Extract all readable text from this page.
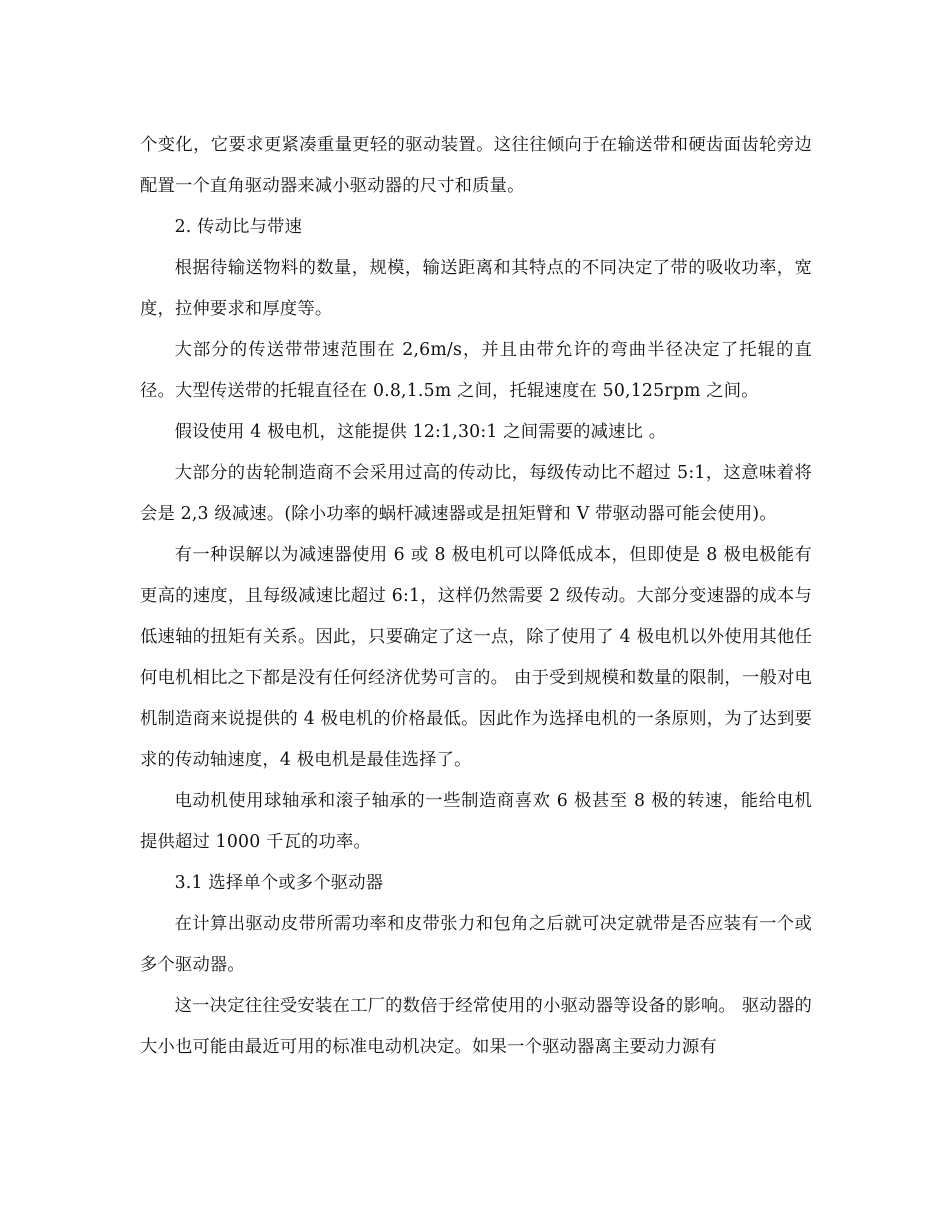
个变化，它要求更紧凑重量更轻的驱动装置。这往往倾向于在输送带和硬齿面齿轮旁边配置一个直角驱动器来减小驱动器的尺寸和质量。

2. 传动比与带速

根据待输送物料的数量，规模，输送距离和其特点的不同决定了带的吸收功率，宽度，拉伸要求和厚度等。

大部分的传送带带速范围在 2,6m/s，并且由带允许的弯曲半径决定了托辊的直径。大型传送带的托辊直径在 0.8,1.5m 之间，托辊速度在 50,125rpm 之间。

假设使用 4 极电机，这能提供 12:1,30:1 之间需要的减速比 。

大部分的齿轮制造商不会采用过高的传动比，每级传动比不超过 5:1，这意味着将会是 2,3 级减速。(除小功率的蜗杆减速器或是扭矩臂和 V 带驱动器可能会使用)。

有一种误解以为减速器使用 6 或 8 极电机可以降低成本，但即使是 8 极电极能有更高的速度，且每级减速比超过 6:1，这样仍然需要 2 级传动。大部分变速器的成本与低速轴的扭矩有关系。因此，只要确定了这一点，除了使用了 4 极电机以外使用其他任何电机相比之下都是没有任何经济优势可言的。 由于受到规模和数量的限制，一般对电机制造商来说提供的 4 极电机的价格最低。因此作为选择电机的一条原则，为了达到要求的传动轴速度，4 极电机是最佳选择了。

电动机使用球轴承和滚子轴承的一些制造商喜欢 6 极甚至 8 极的转速，能给电机提供超过 1000 千瓦的功率。

3.1 选择单个或多个驱动器

在计算出驱动皮带所需功率和皮带张力和包角之后就可决定就带是否应装有一个或多个驱动器。

这一决定往往受安装在工厂的数倍于经常使用的小驱动器等设备的影响。 驱动器的大小也可能由最近可用的标准电动机决定。如果一个驱动器离主要动力源有
